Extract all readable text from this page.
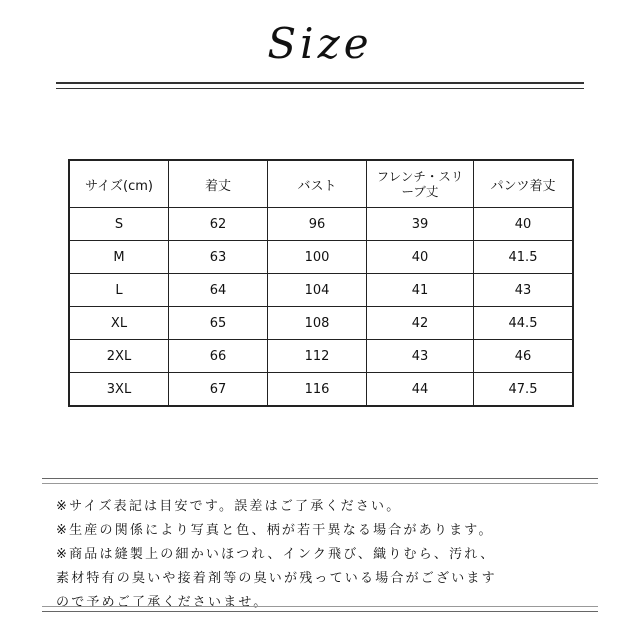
Size
サイズ(cm)	着丈	バスト	フレンチ・スリーブ丈	パンツ着丈
S	62	96	39	40
M	63	100	40	41.5
L	64	104	41	43
XL	65	108	42	44.5
2XL	66	112	43	46
3XL	67	116	44	47.5
※サイズ表記は目安です。誤差はご了承ください。
※生産の関係により写真と色、柄が若干異なる場合があります。
※商品は縫製上の細かいほつれ、インク飛び、織りむら、汚れ、
素材特有の臭いや接着剤等の臭いが残っている場合がございます
ので予めご了承くださいませ。
